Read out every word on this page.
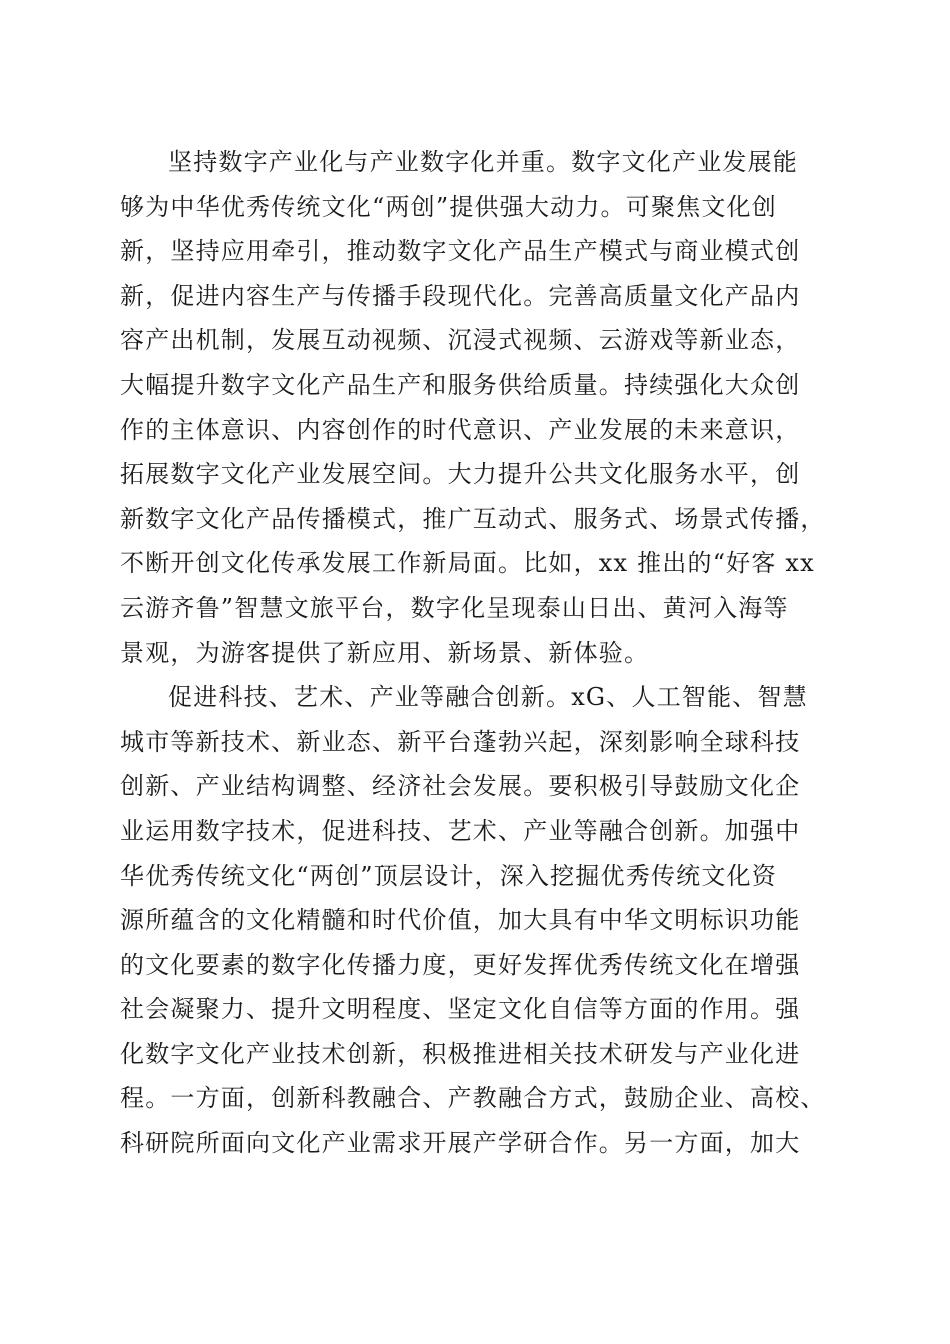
坚持数字产业化与产业数字化并重。数字文化产业发展能
够为中华优秀传统文化“两创”提供强大动力。可聚焦文化创
新，坚持应用牵引，推动数字文化产品生产模式与商业模式创
新，促进内容生产与传播手段现代化。完善高质量文化产品内
容产出机制，发展互动视频、沉浸式视频、云游戏等新业态，
大幅提升数字文化产品生产和服务供给质量。持续强化大众创
作的主体意识、内容创作的时代意识、产业发展的未来意识，
拓展数字文化产业发展空间。大力提升公共文化服务水平，创
新数字文化产品传播模式，推广互动式、服务式、场景式传播，
不断开创文化传承发展工作新局面。比如，xx 推出的“好客 xx
云游齐鲁”智慧文旅平台，数字化呈现泰山日出、黄河入海等
景观，为游客提供了新应用、新场景、新体验。

促进科技、艺术、产业等融合创新。xG、人工智能、智慧
城市等新技术、新业态、新平台蓬勃兴起，深刻影响全球科技
创新、产业结构调整、经济社会发展。要积极引导鼓励文化企
业运用数字技术，促进科技、艺术、产业等融合创新。加强中
华优秀传统文化“两创”顶层设计，深入挖掘优秀传统文化资
源所蕴含的文化精髓和时代价值，加大具有中华文明标识功能
的文化要素的数字化传播力度，更好发挥优秀传统文化在增强
社会凝聚力、提升文明程度、坚定文化自信等方面的作用。强
化数字文化产业技术创新，积极推进相关技术研发与产业化进
程。一方面，创新科教融合、产教融合方式，鼓励企业、高校、
科研院所面向文化产业需求开展产学研合作。另一方面，加大
